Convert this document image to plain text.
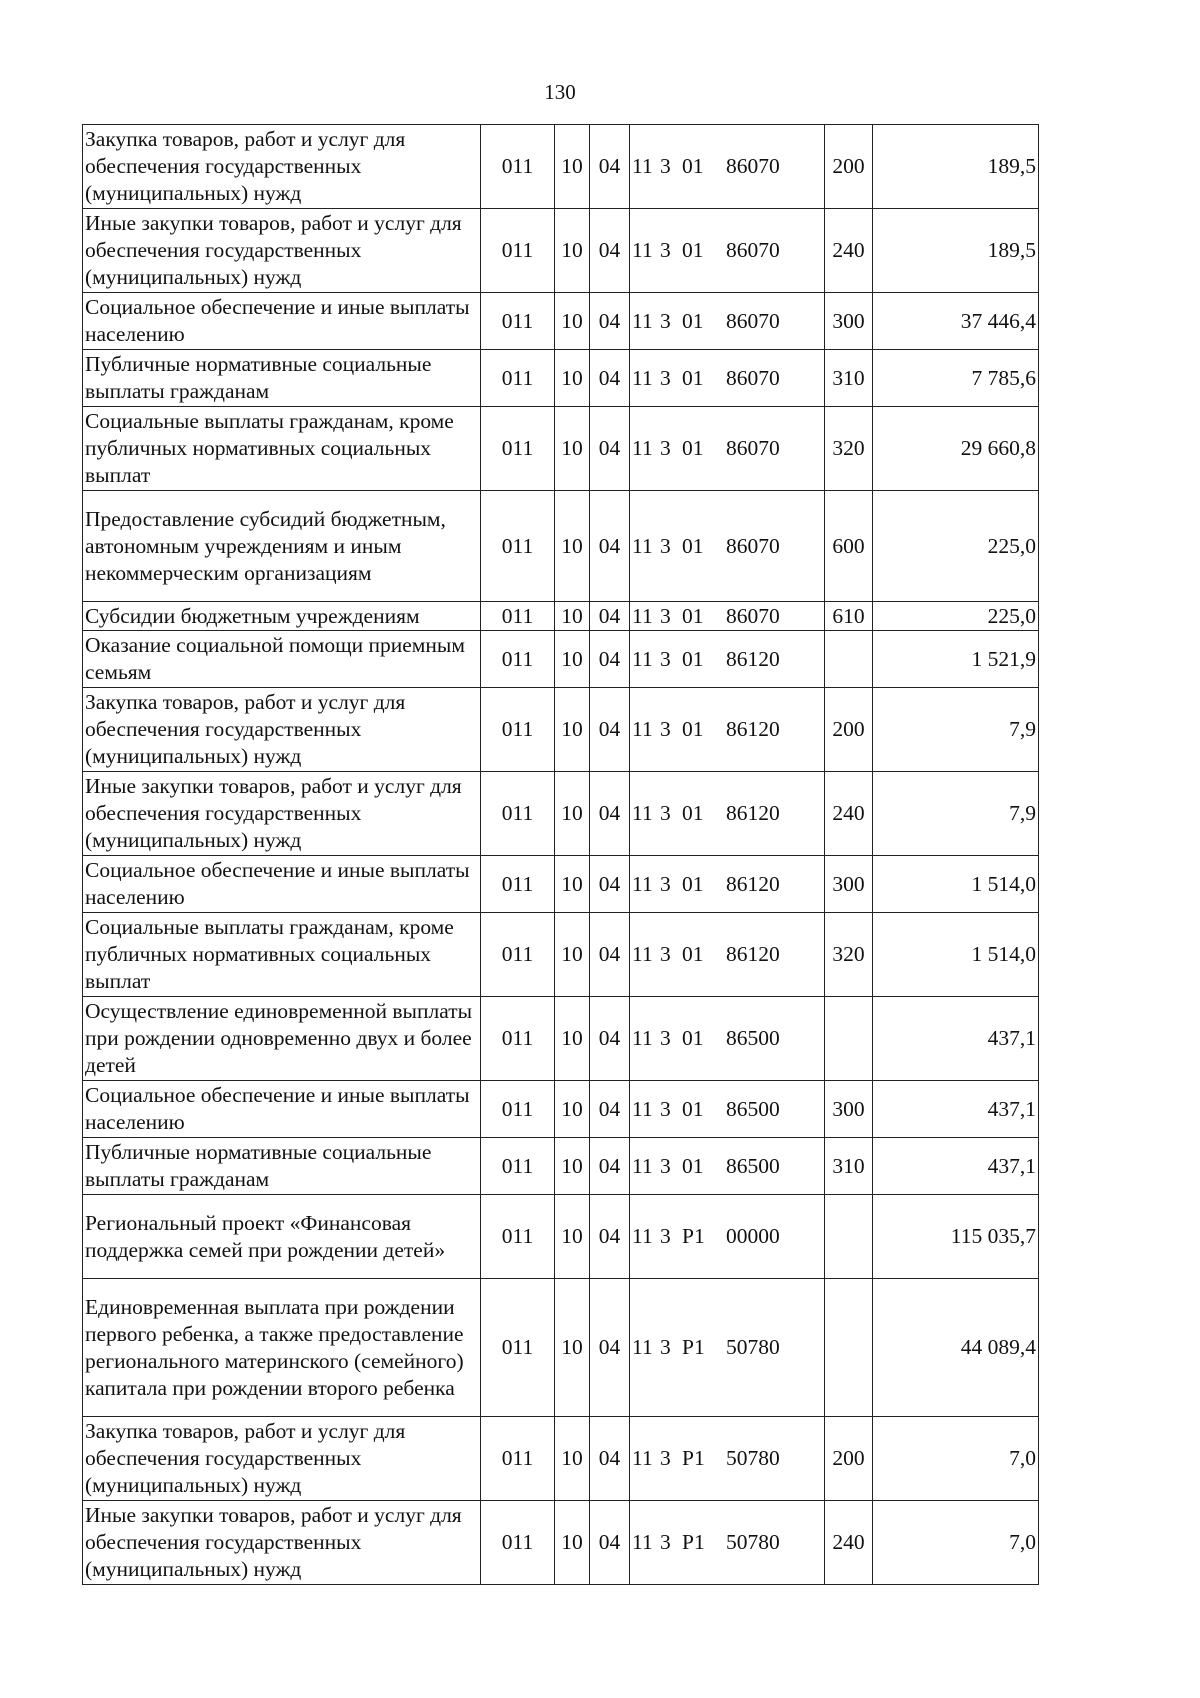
130
Закупка товаров, работ и услуг для обеспечения государственных (муниципальных) нужд	011	10	04	11 3 01 86070	200	189,5
Иные закупки товаров, работ и услуг для обеспечения государственных (муниципальных) нужд	011	10	04	11 3 01 86070	240	189,5
Социальное обеспечение и иные выплаты населению	011	10	04	11 3 01 86070	300	37 446,4
Публичные нормативные социальные выплаты гражданам	011	10	04	11 3 01 86070	310	7 785,6
Социальные выплаты гражданам, кроме публичных нормативных социальных выплат	011	10	04	11 3 01 86070	320	29 660,8
Предоставление субсидий бюджетным, автономным учреждениям и иным некоммерческим организациям	011	10	04	11 3 01 86070	600	225,0
Субсидии бюджетным учреждениям	011	10	04	11 3 01 86070	610	225,0
Оказание социальной помощи приемным семьям	011	10	04	11 3 01 86120		1 521,9
Закупка товаров, работ и услуг для обеспечения государственных (муниципальных) нужд	011	10	04	11 3 01 86120	200	7,9
Иные закупки товаров, работ и услуг для обеспечения государственных (муниципальных) нужд	011	10	04	11 3 01 86120	240	7,9
Социальное обеспечение и иные выплаты населению	011	10	04	11 3 01 86120	300	1 514,0
Социальные выплаты гражданам, кроме публичных нормативных социальных выплат	011	10	04	11 3 01 86120	320	1 514,0
Осуществление единовременной выплаты при рождении одновременно двух и более детей	011	10	04	11 3 01 86500		437,1
Социальное обеспечение и иные выплаты населению	011	10	04	11 3 01 86500	300	437,1
Публичные нормативные социальные выплаты гражданам	011	10	04	11 3 01 86500	310	437,1
Региональный проект «Финансовая поддержка семей при рождении детей»	011	10	04	11 3 P1 00000		115 035,7
Единовременная выплата при рождении первого ребенка, а также предоставление регионального материнского (семейного) капитала при рождении второго ребенка	011	10	04	11 3 P1 50780		44 089,4
Закупка товаров, работ и услуг для обеспечения государственных (муниципальных) нужд	011	10	04	11 3 P1 50780	200	7,0
Иные закупки товаров, работ и услуг для обеспечения государственных (муниципальных) нужд	011	10	04	11 3 P1 50780	240	7,0
